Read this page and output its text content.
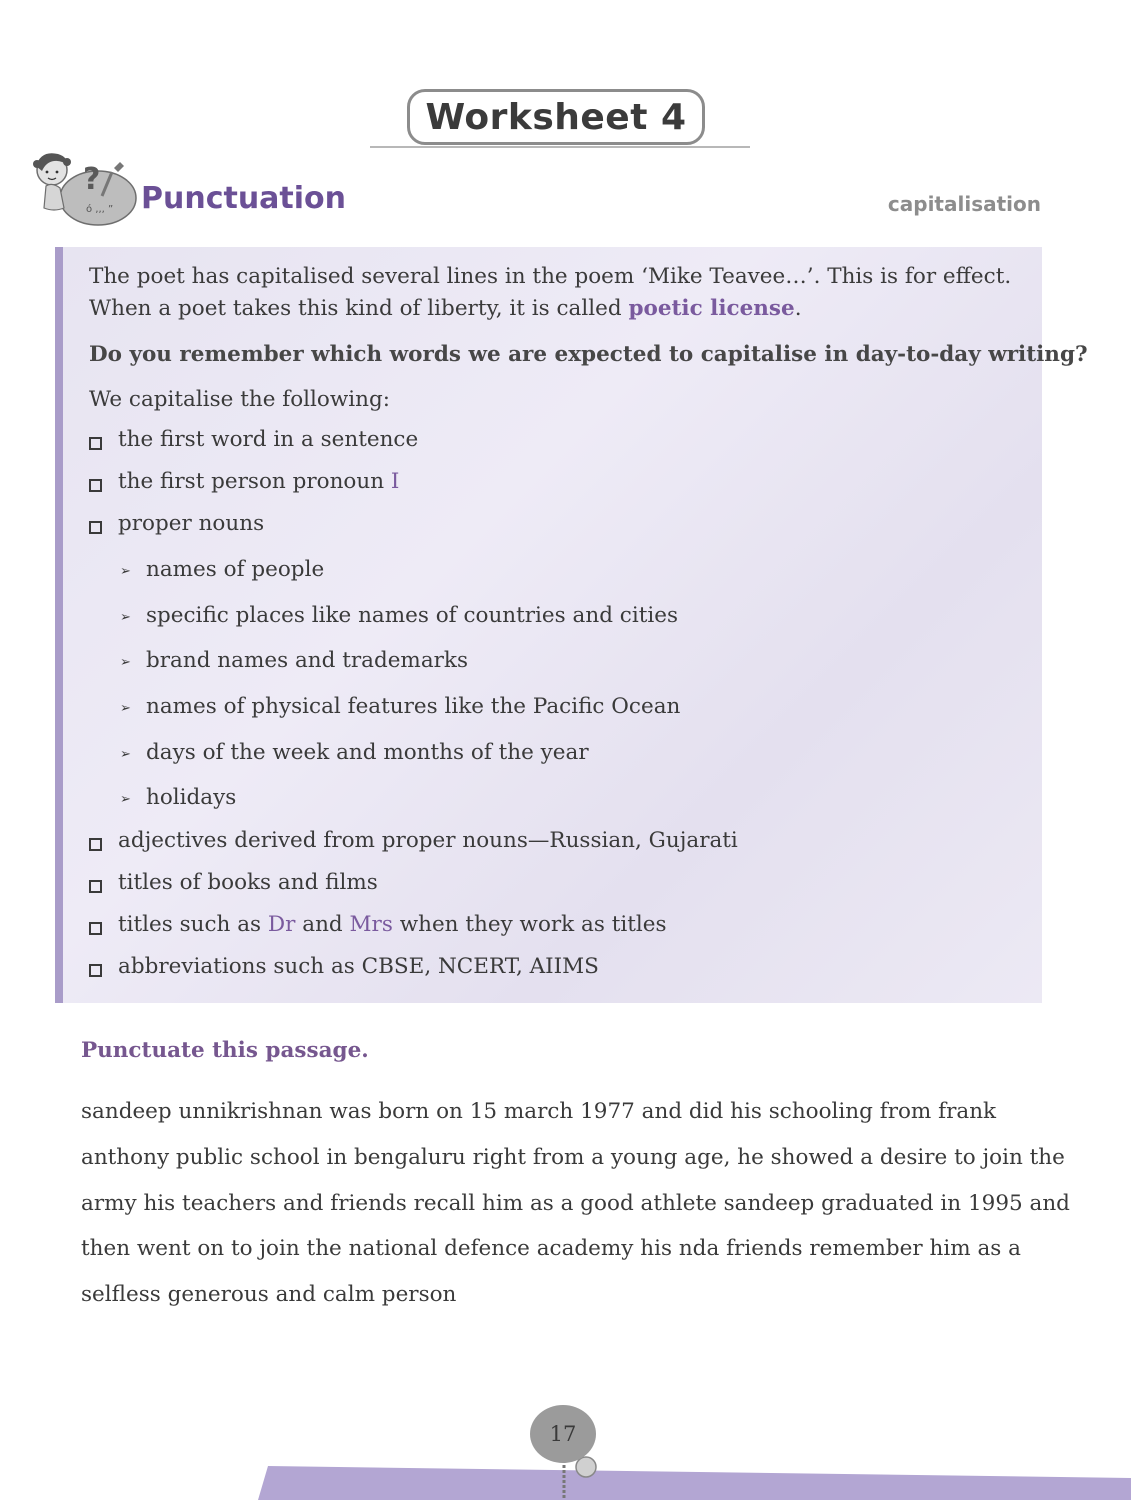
Worksheet 4
?
ó ‚,, ” Punctuation	capitalisation
The poet has capitalised several lines in the poem ‘Mike Teavee…’. This is for effect.
When a poet takes this kind of liberty, it is called poetic license.
Do you remember which words we are expected to capitalise in day-to-day writing?
We capitalise the following:
the first word in a sentence
the first person pronoun I
proper nouns
➢ names of people
➢ specific places like names of countries and cities
➢ brand names and trademarks
➢ names of physical features like the Pacific Ocean
➢ days of the week and months of the year
➢ holidays
adjectives derived from proper nouns—Russian, Gujarati
titles of books and films
titles such as Dr and Mrs when they work as titles
abbreviations such as CBSE, NCERT, AIIMS
Punctuate this passage.
sandeep unnikrishnan was born on 15 march 1977 and did his schooling from frank
anthony public school in bengaluru right from a young age, he showed a desire to join the
army his teachers and friends recall him as a good athlete sandeep graduated in 1995 and
then went on to join the national defence academy his nda friends remember him as a
selfless generous and calm person
17
